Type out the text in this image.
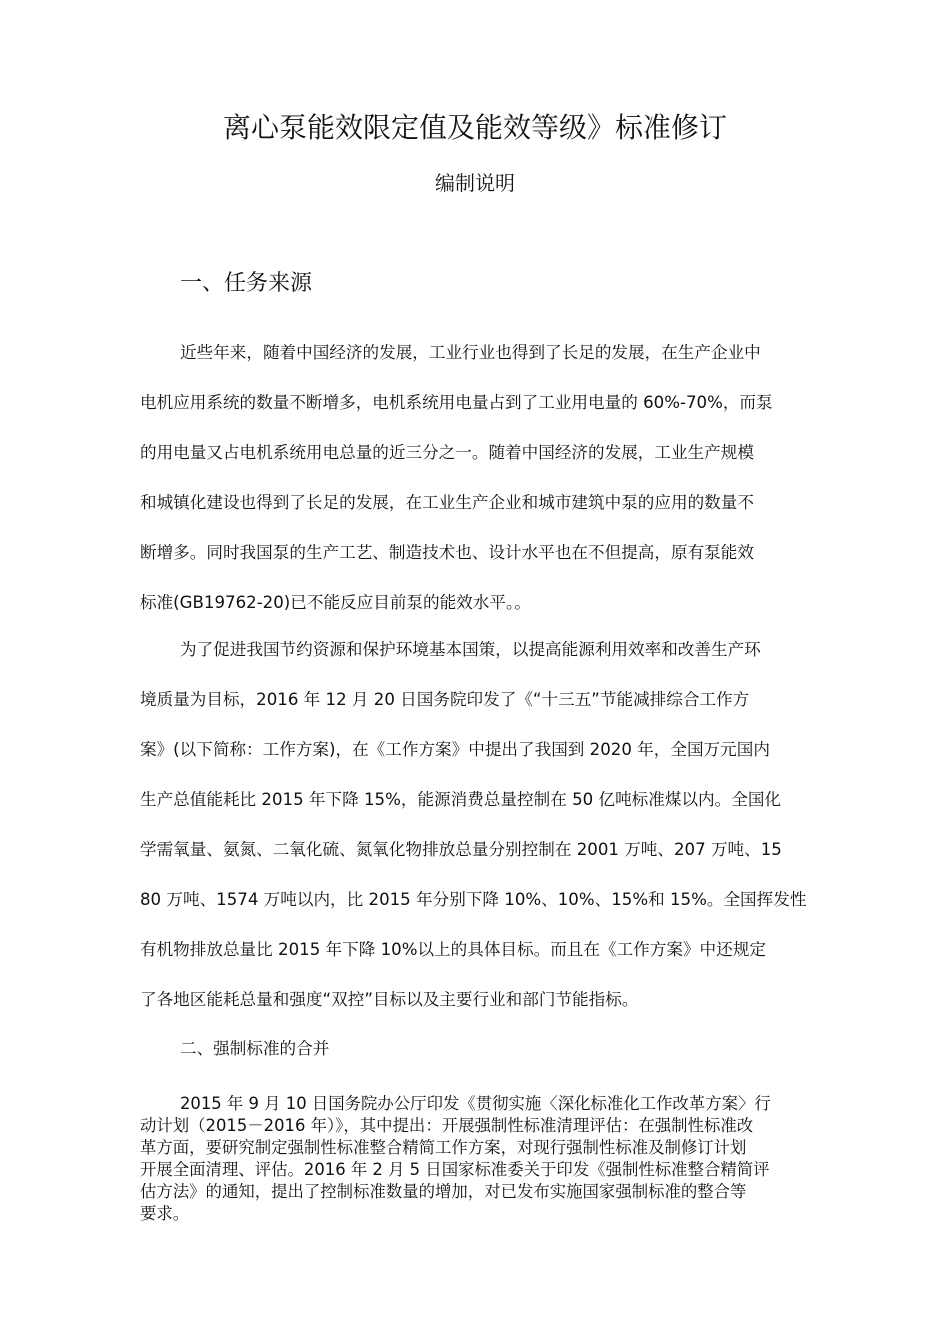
离心泵能效限定值及能效等级》标准修订
编制说明
一、任务来源
近些年来，随着中国经济的发展，工业行业也得到了长足的发展，在生产企业中
电机应用系统的数量不断增多，电机系统用电量占到了工业用电量的 60%-70%，而泵
的用电量又占电机系统用电总量的近三分之一。随着中国经济的发展，工业生产规模
和城镇化建设也得到了长足的发展，在工业生产企业和城市建筑中泵的应用的数量不
断增多。同时我国泵的生产工艺、制造技术也、设计水平也在不但提高，原有泵能效
标准(GB19762-20)已不能反应目前泵的能效水平。。
为了促进我国节约资源和保护环境基本国策，以提高能源利用效率和改善生产环
境质量为目标，2016 年 12 月 20 日国务院印发了《“十三五”节能减排综合工作方
案》(以下简称：工作方案)，在《工作方案》中提出了我国到 2020 年，全国万元国内
生产总值能耗比 2015 年下降 15%，能源消费总量控制在 50 亿吨标准煤以内。全国化
学需氧量、氨氮、二氧化硫、氮氧化物排放总量分别控制在 2001 万吨、207 万吨、15
80 万吨、1574 万吨以内，比 2015 年分别下降 10%、10%、15%和 15%。全国挥发性
有机物排放总量比 2015 年下降 10%以上的具体目标。而且在《工作方案》中还规定
了各地区能耗总量和强度“双控”目标以及主要行业和部门节能指标。
二、强制标准的合并
2015 年 9 月 10 日国务院办公厅印发《贯彻实施〈深化标准化工作改革方案〉行
动计划（2015－2016 年）》，其中提出：开展强制性标准清理评估：在强制性标准改
革方面，要研究制定强制性标准整合精简工作方案，对现行强制性标准及制修订计划
开展全面清理、评估。2016 年 2 月 5 日国家标准委关于印发《强制性标准整合精简评
估方法》的通知，提出了控制标准数量的增加，对已发布实施国家强制标准的整合等
要求。
